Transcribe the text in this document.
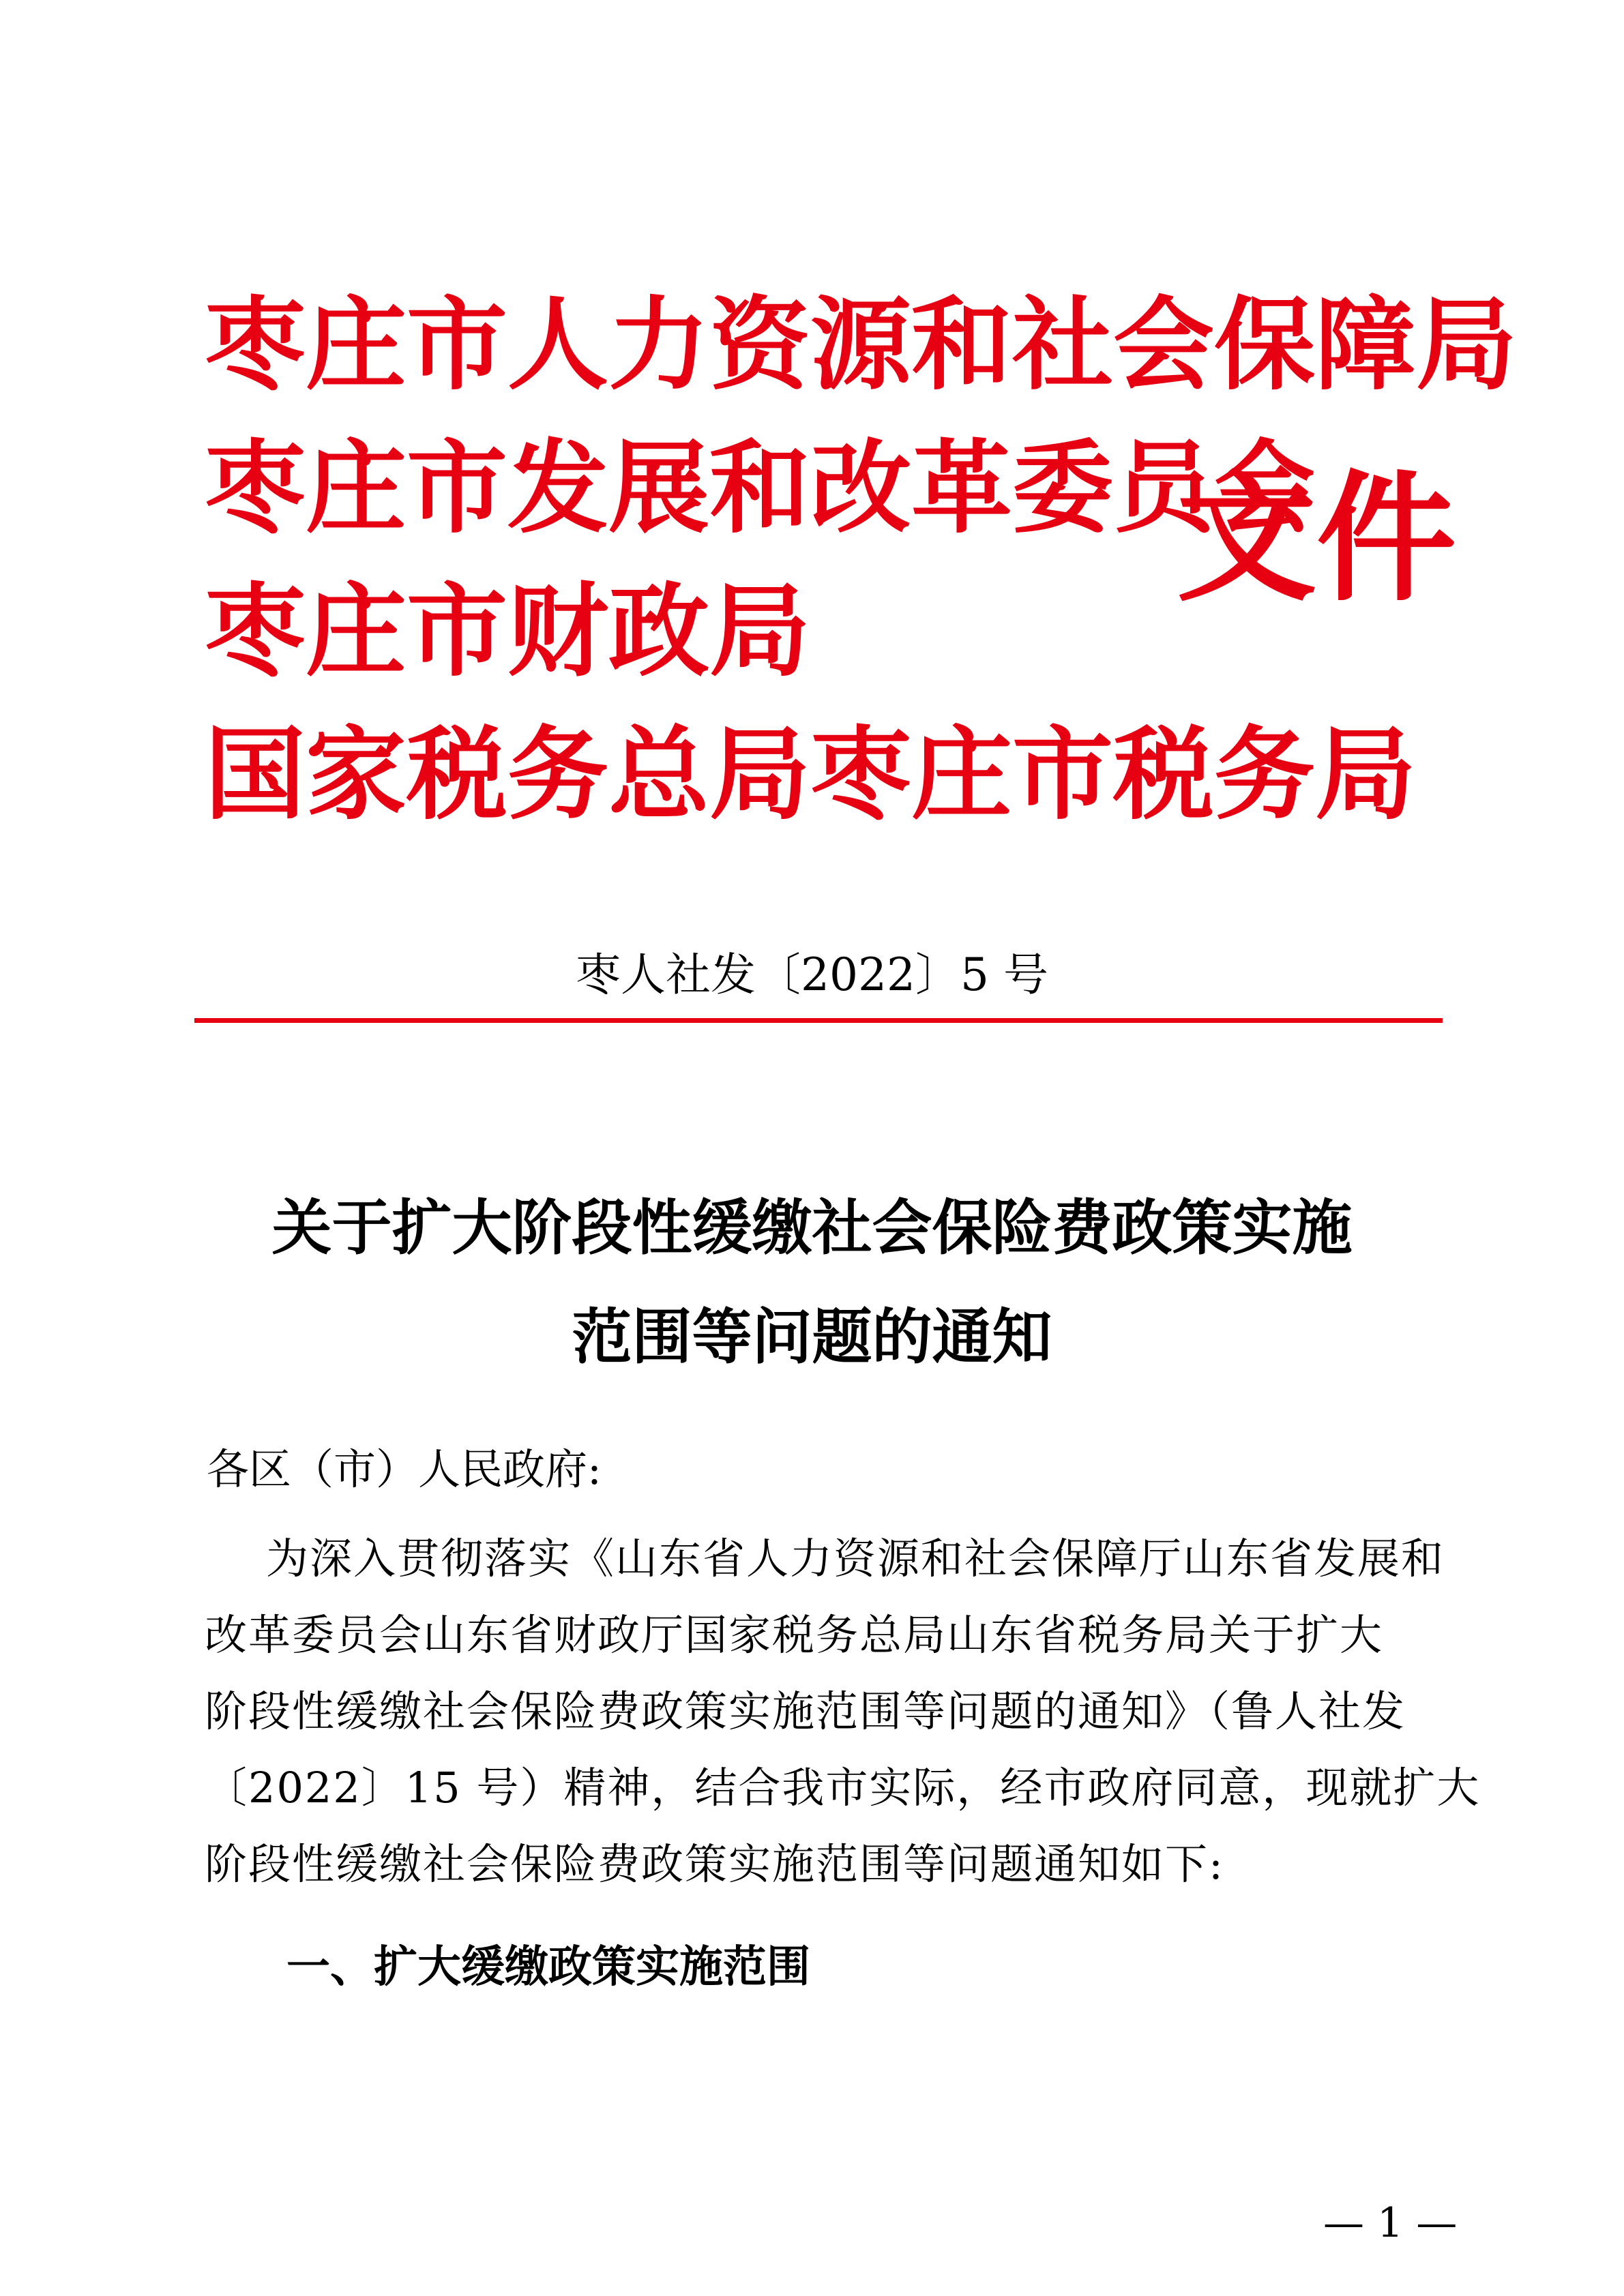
枣庄市人力资源和社会保障局
枣庄市发展和改革委员会
枣庄市财政局
国家税务总局枣庄市税务局
文件
枣人社发〔2022〕5 号
关于扩大阶段性缓缴社会保险费政策实施
范围等问题的通知
各区（市）人民政府:
为深入贯彻落实《山东省人力资源和社会保障厅山东省发展和
改革委员会山东省财政厅国家税务总局山东省税务局关于扩大
阶段性缓缴社会保险费政策实施范围等问题的通知》（鲁人社发
〔2022〕15 号）精神，结合我市实际，经市政府同意，现就扩大
阶段性缓缴社会保险费政策实施范围等问题通知如下:
一、扩大缓缴政策实施范围
— 1 —
